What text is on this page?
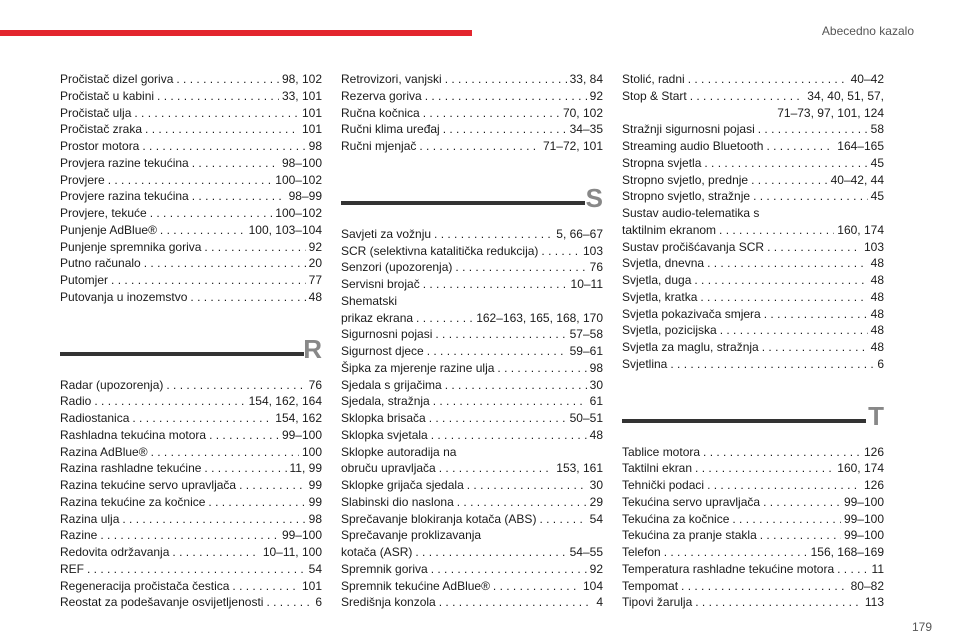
Abecedno kazalo
Pročistač dizel goriva . . .	98, 102
Pročistač u kabini . . .	33, 101
Pročistač ulja . . .	101
Pročistač zraka . . .	101
Prostor motora . . .	98
Provjera razine tekućina . . .	98–100
Provjere . . .	100–102
Provjere razina tekućina . . .	98–99
Provjere, tekuće . . .	100–102
Punjenje AdBlue® . . .	100, 103–104
Punjenje spremnika goriva . . .	92
Putno računalo . . .	20
Putomjer . . .	77
Putovanja u inozemstvo . . .	48
R
Radar (upozorenja) . . .	76
Radio . . .	154, 162, 164
Radiostanica . . .	154, 162
Rashladna tekućina motora . . .	99–100
Razina AdBlue® . . .	100
Razina rashladne tekućine . . .	11, 99
Razina tekućine servo upravljača . . .	99
Razina tekućine za kočnice . . .	99
Razina ulja . . .	98
Razine . . .	99–100
Redovita održavanja . . .	10–11, 100
REF . . .	54
Regeneracija pročistača čestica . . .	101
Reostat za podešavanje osvijetljenosti . . .	6
Retrovizori, vanjski . . .	33, 84
Rezerva goriva . . .	92
Ručna kočnica . . .	70, 102
Ručni klima uređaj . . .	34–35
Ručni mjenjač . . .	71–72, 101
S
Savjeti za vožnju . . .	5, 66–67
SCR (selektivna katalitička redukcija) . . .	103
Senzori (upozorenja) . . .	76
Servisni brojač . . .	10–11
Shematski
prikaz ekrana . . .	162–163, 165, 168, 170
Sigurnosni pojasi . . .	57–58
Sigurnost djece . . .	59–61
Šipka za mjerenje razine ulja . . .	98
Sjedala s grijačima . . .	30
Sjedala, stražnja . . .	61
Sklopka brisača . . .	50–51
Sklopka svjetala . . .	48
Sklopke autoradija na
obruču upravljača . . .	153, 161
Sklopke grijača sjedala . . .	30
Slabinski dio naslona . . .	29
Sprečavanje blokiranja kotača (ABS) . . .	54
Sprečavanje proklizavanja
kotača (ASR) . . .	54–55
Spremnik goriva . . .	92
Spremnik tekućine AdBlue® . . .	104
Središnja konzola . . .	4
Stolić, radni . . .	40–42
Stop & Start . . .	34, 40, 51, 57,
71–73, 97, 101, 124
Stražnji sigurnosni pojasi . . .	58
Streaming audio Bluetooth . . .	164–165
Stropna svjetla . . .	45
Stropno svjetlo, prednje . . .	40–42, 44
Stropno svjetlo, stražnje . . .	45
Sustav audio-telematika s
taktilnim ekranom . . .	160, 174
Sustav pročišćavanja SCR . . .	103
Svjetla, dnevna . . .	48
Svjetla, duga . . .	48
Svjetla, kratka . . .	48
Svjetla pokazivača smjera . . .	48
Svjetla, pozicijska . . .	48
Svjetla za maglu, stražnja . . .	48
Svjetlina . . .	6
T
Tablice motora . . .	126
Taktilni ekran . . .	160, 174
Tehnički podaci . . .	126
Tekućina servo upravljača . . .	99–100
Tekućina za kočnice . . .	99–100
Tekućina za pranje stakla . . .	99–100
Telefon . . .	156, 168–169
Temperatura rashladne tekućine motora . . .	11
Tempomat . . .	80–82
Tipovi žarulja . . .	113
179
